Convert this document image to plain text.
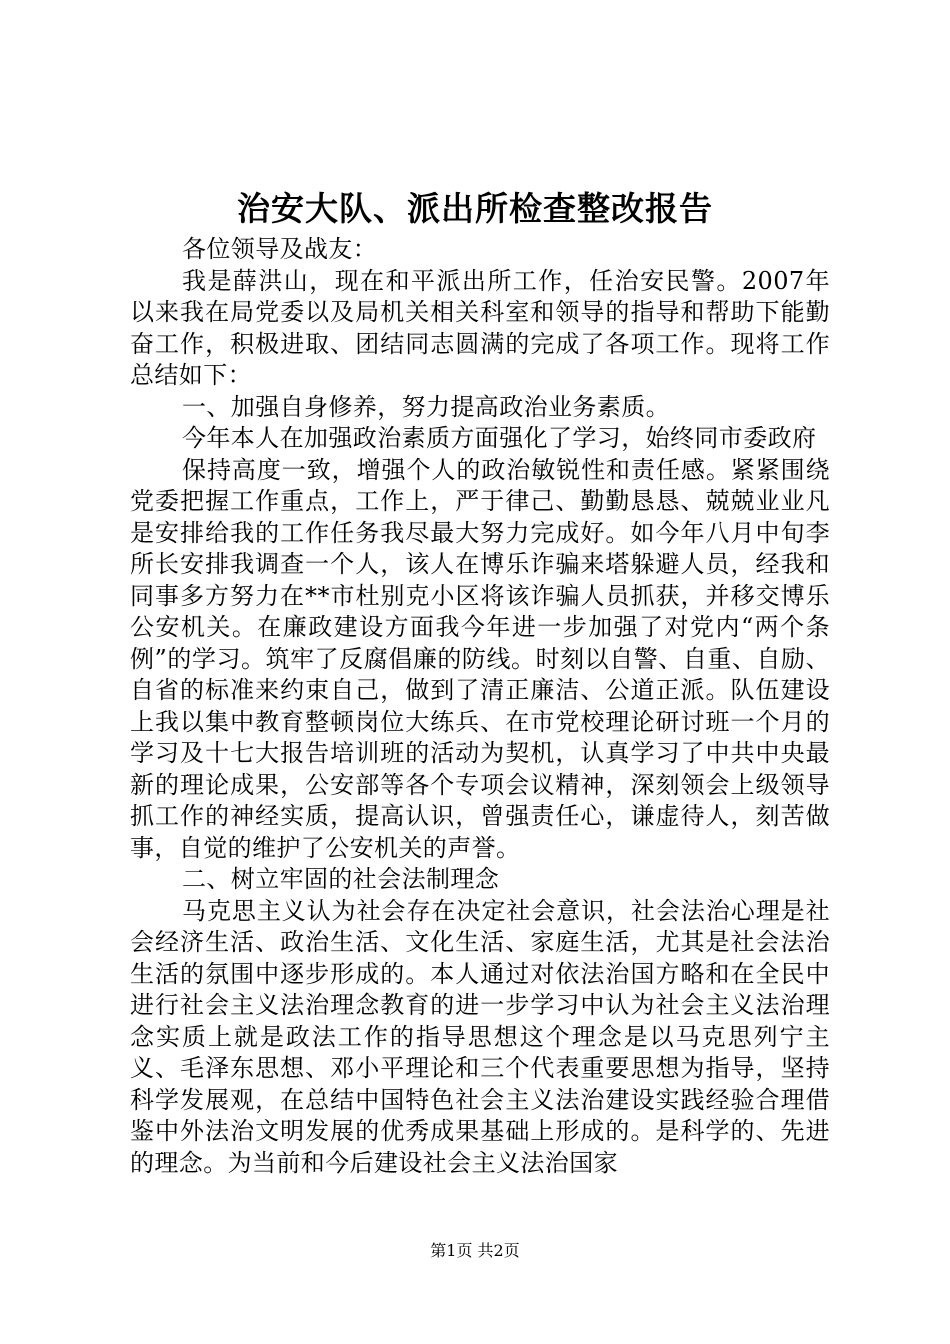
治安大队、派出所检查整改报告

各位领导及战友：

我是薛洪山，现在和平派出所工作，任治安民警。2007年以来我在局党委以及局机关相关科室和领导的指导和帮助下能勤奋工作，积极进取、团结同志圆满的完成了各项工作。现将工作总结如下：

一、加强自身修养，努力提高政治业务素质。

今年本人在加强政治素质方面强化了学习，始终同市委政府

保持高度一致，增强个人的政治敏锐性和责任感。紧紧围绕党委把握工作重点，工作上，严于律己、勤勤恳恳、兢兢业业凡是安排给我的工作任务我尽最大努力完成好。如今年八月中旬李所长安排我调查一个人，该人在博乐诈骗来塔躲避人员，经我和同事多方努力在**市杜别克小区将该诈骗人员抓获，并移交博乐公安机关。在廉政建设方面我今年进一步加强了对党内“两个条例”的学习。筑牢了反腐倡廉的防线。时刻以自警、自重、自励、自省的标准来约束自己，做到了清正廉洁、公道正派。队伍建设上我以集中教育整顿岗位大练兵、在市党校理论研讨班一个月的学习及十七大报告培训班的活动为契机，认真学习了中共中央最新的理论成果，公安部等各个专项会议精神，深刻领会上级领导抓工作的神经实质，提高认识，曾强责任心，谦虚待人，刻苦做事，自觉的维护了公安机关的声誉。

二、树立牢固的社会法制理念

马克思主义认为社会存在决定社会意识，社会法治心理是社会经济生活、政治生活、文化生活、家庭生活，尤其是社会法治生活的氛围中逐步形成的。本人通过对依法治国方略和在全民中进行社会主义法治理念教育的进一步学习中认为社会主义法治理念实质上就是政法工作的指导思想这个理念是以马克思列宁主义、毛泽东思想、邓小平理论和三个代表重要思想为指导，坚持科学发展观，在总结中国特色社会主义法治建设实践经验合理借鉴中外法治文明发展的优秀成果基础上形成的。是科学的、先进的理念。为当前和今后建设社会主义法治国家

第1页 共2页
